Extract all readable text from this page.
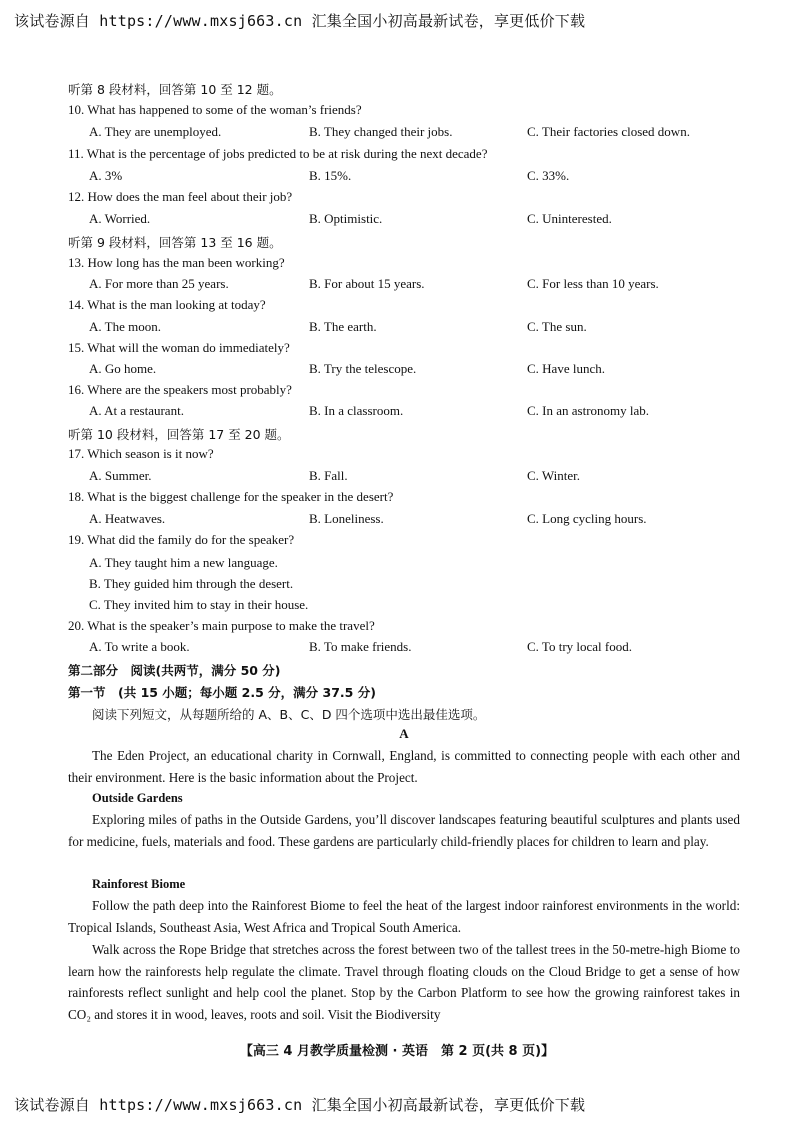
该试卷源自 https://www.mxsj663.cn 汇集全国小初高最新试卷，享更低价下载
听第 8 段材料，回答第 10 至 12 题。
10. What has happened to some of the woman’s friends?
A. They are unemployed.	B. They changed their jobs.	C. Their factories closed down.
11. What is the percentage of jobs predicted to be at risk during the next decade?
A. 3%	B. 15%.	C. 33%.
12. How does the man feel about their job?
A. Worried.	B. Optimistic.	C. Uninterested.
听第 9 段材料，回答第 13 至 16 题。
13. How long has the man been working?
A. For more than 25 years.	B. For about 15 years.	C. For less than 10 years.
14. What is the man looking at today?
A. The moon.	B. The earth.	C. The sun.
15. What will the woman do immediately?
A. Go home.	B. Try the telescope.	C. Have lunch.
16. Where are the speakers most probably?
A. At a restaurant.	B. In a classroom.	C. In an astronomy lab.
听第 10 段材料，回答第 17 至 20 题。
17. Which season is it now?
A. Summer.	B. Fall.	C. Winter.
18. What is the biggest challenge for the speaker in the desert?
A. Heatwaves.	B. Loneliness.	C. Long cycling hours.
19. What did the family do for the speaker?
A. They taught him a new language.
B. They guided him through the desert.
C. They invited him to stay in their house.
20. What is the speaker’s main purpose to make the travel?
A. To write a book.	B. To make friends.	C. To try local food.
第二部分　阅读(共两节，满分 50 分)
第一节　(共 15 小题；每小题 2.5 分，满分 37.5 分)
阅读下列短文，从每题所给的 A、B、C、D 四个选项中选出最佳选项。
A
The Eden Project, an educational charity in Cornwall, England, is committed to connecting people with each other and their environment. Here is the basic information about the Project.
Outside Gardens
Exploring miles of paths in the Outside Gardens, you’ll discover landscapes featuring beautiful sculptures and plants used for medicine, fuels, materials and food. These gardens are particularly child-friendly places for children to learn and play.
Rainforest Biome
Follow the path deep into the Rainforest Biome to feel the heat of the largest indoor rainforest environments in the world: Tropical Islands, Southeast Asia, West Africa and Tropical South America.
Walk across the Rope Bridge that stretches across the forest between two of the tallest trees in the 50-metre-high Biome to learn how the rainforests help regulate the climate. Travel through floating clouds on the Cloud Bridge to get a sense of how rainforests reflect sunlight and help cool the planet. Stop by the Carbon Platform to see how the growing rainforest takes in CO₂ and stores it in wood, leaves, roots and soil. Visit the Biodiversity
【高三 4 月教学质量检测 · 英语　第 2 页(共 8 页)】
该试卷源自 https://www.mxsj663.cn 汇集全国小初高最新试卷，享更低价下载
